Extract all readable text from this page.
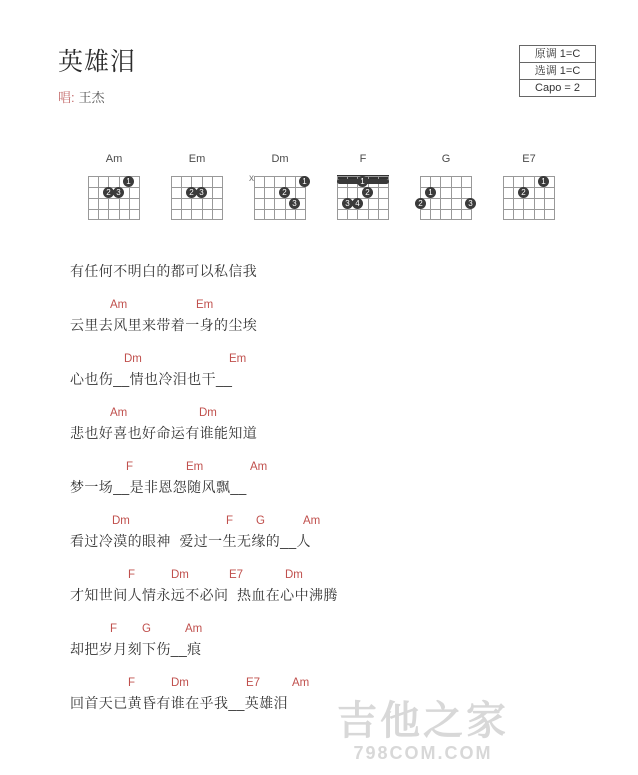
英雄泪
唱: 王杰
原调 1=C
选调 1=C
Capo = 2
Am
1
3
2
Em
3
2
Dm
x	1
2
3
F
1
2
3 4
G
1
2	3
E7
1
2
有任何不明白的都可以私信我
Am	Em
云里去风里来带着一身的尘埃
Dm	Em
心也伤__情也冷泪也干__
Am	Dm
悲也好喜也好命运有谁能知道
F	Em	Am
梦一场__是非恩怨随风飘__
Dm	F G	Am
看过冷漠的眼神  爱过一生无缘的__人
F	Dm	E7	Dm
才知世间人情永远不必问  热血在心中沸腾
F G	Am
却把岁月刻下伤__痕
F	Dm	E7	Am
回首天已黄昏有谁在乎我__英雄泪	吉他之家
798COM.COM
